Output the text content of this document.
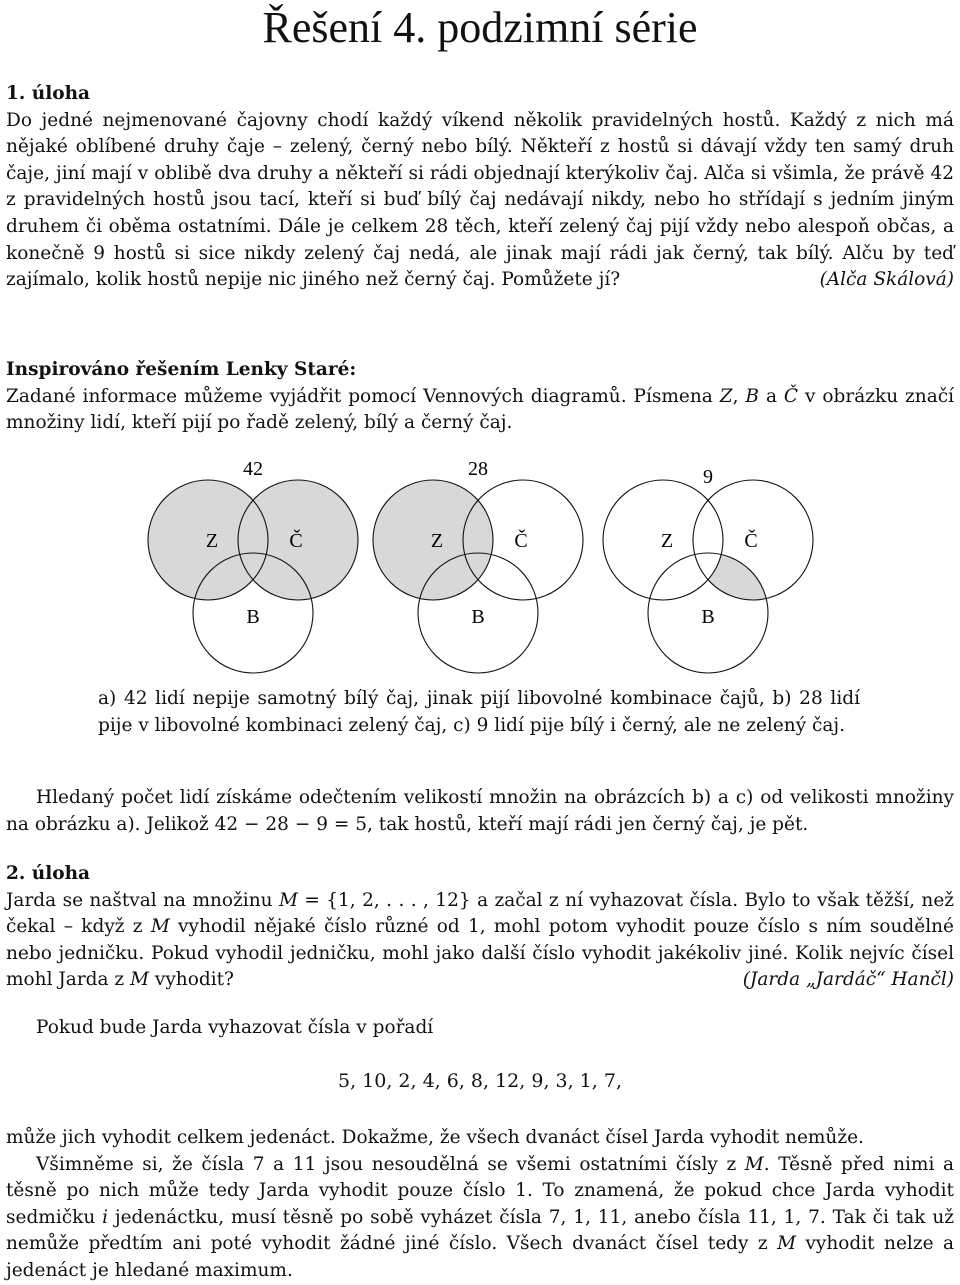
Řešení 4. podzimní série
1. úloha
Do jedné nejmenované čajovny chodí každý víkend několik pravidelných hostů. Každý z nich má nějaké oblíbené druhy čaje – zelený, černý nebo bílý. Někteří z hostů si dávají vždy ten samý druh čaje, jiní mají v oblibě dva druhy a někteří si rádi objednají kterýkoliv čaj. Alča si všimla, že právě 42 z pravidelných hostů jsou tací, kteří si buď bílý čaj nedávají nikdy, nebo ho střídají s jedním jiným druhem či oběma ostatními. Dále je celkem 28 těch, kteří zelený čaj pijí vždy nebo alespoň občas, a konečně 9 hostů si sice nikdy zelený čaj nedá, ale jinak mají rádi jak černý, tak bílý. Alču by teď zajímalo, kolik hostů nepije nic jiného než černý čaj. Pomůžete jí?	(Alča Skálová)
Inspirováno řešením Lenky Staré:
Zadané informace můžeme vyjádřit pomocí Vennových diagramů. Písmena Z, B a Č v obrázku značí množiny lidí, kteří pijí po řadě zelený, bílý a černý čaj.
42
Z	Č
B
28
Z	Č
B
9
Z	Č
B
a) 42 lidí nepije samotný bílý čaj, jinak pijí libovolné kombinace čajů, b) 28 lidí pije v libovolné kombinaci zelený čaj, c) 9 lidí pije bílý i černý, ale ne zelený čaj.
Hledaný počet lidí získáme odečtením velikostí množin na obrázcích b) a c) od velikosti množiny na obrázku a). Jelikož 42 − 28 − 9 = 5, tak hostů, kteří mají rádi jen černý čaj, je pět.
2. úloha
Jarda se naštval na množinu M = {1, 2, . . . , 12} a začal z ní vyhazovat čísla. Bylo to však těžší, než čekal – když z M vyhodil nějaké číslo různé od 1, mohl potom vyhodit pouze číslo s ním soudělné nebo jedničku. Pokud vyhodil jedničku, mohl jako další číslo vyhodit jakékoliv jiné. Kolik nejvíc čísel mohl Jarda z M vyhodit?	(Jarda „Jardáč“ Hančl)
Pokud bude Jarda vyhazovat čísla v pořadí
5, 10, 2, 4, 6, 8, 12, 9, 3, 1, 7,
může jich vyhodit celkem jedenáct. Dokažme, že všech dvanáct čísel Jarda vyhodit nemůže.
Všimněme si, že čísla 7 a 11 jsou nesoudělná se všemi ostatními čísly z M. Těsně před nimi a těsně po nich může tedy Jarda vyhodit pouze číslo 1. To znamená, že pokud chce Jarda vyhodit sedmičku i jedenáctku, musí těsně po sobě vyházet čísla 7, 1, 11, anebo čísla 11, 1, 7. Tak či tak už nemůže předtím ani poté vyhodit žádné jiné číslo. Všech dvanáct čísel tedy z M vyhodit nelze a jedenáct je hledané maximum.
